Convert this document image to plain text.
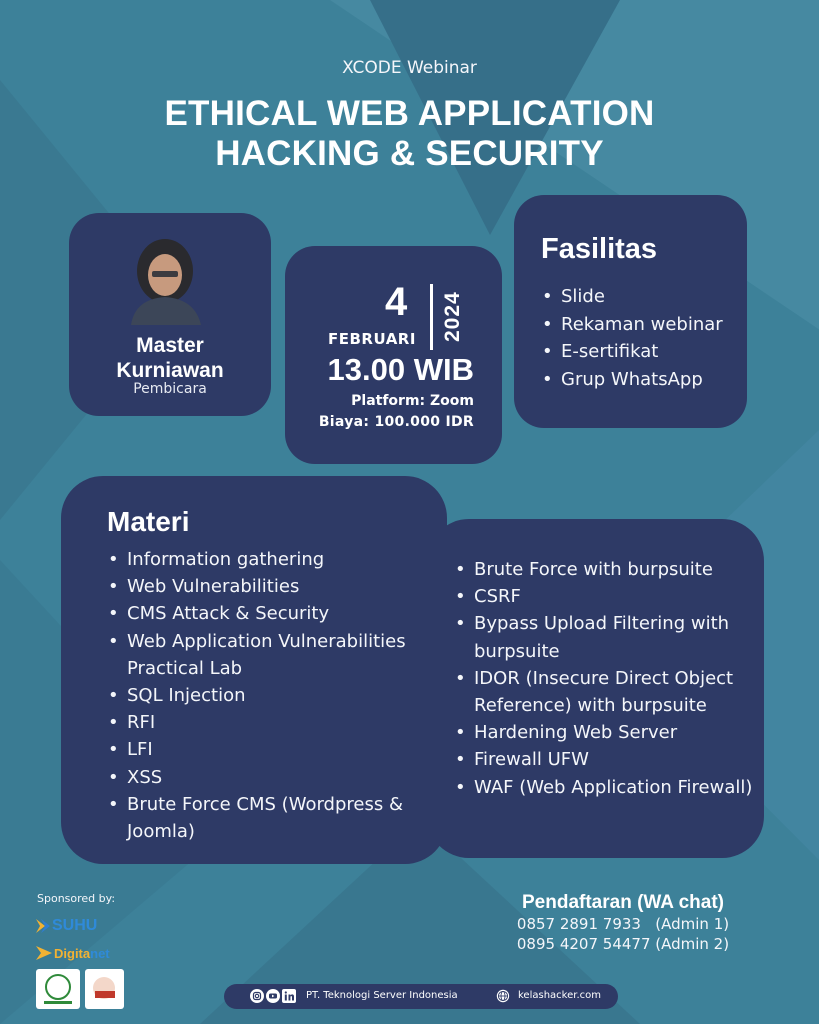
XCODE Webinar
ETHICAL WEB APPLICATION
HACKING & SECURITY
Master
Kurniawan
Pembicara
4
FEBRUARI 2024
13.00 WIB
Platform: Zoom
Biaya: 100.000 IDR
Fasilitas
• Slide
• Rekaman webinar
• E-sertifikat
• Grup WhatsApp
• Brute Force with burpsuite
• CSRF
• Bypass Upload Filtering with burpsuite
• IDOR (Insecure Direct Object Reference) with burpsuite
• Hardening Web Server
• Firewall UFW
• WAF (Web Application Firewall)
Materi
• Information gathering
• Web Vulnerabilities
• CMS Attack & Security
• Web Application Vulnerabilities Practical Lab
• SQL Injection
• RFI
• LFI
• XSS
• Brute Force CMS (Wordpress & Joomla)
Sponsored by:
SUHU
Digitanet
Pendaftaran (WA chat)
0857 2891 7933   (Admin 1)
0895 4207 54477 (Admin 2)
PT. Teknologi Server Indonesia	kelashacker.com
